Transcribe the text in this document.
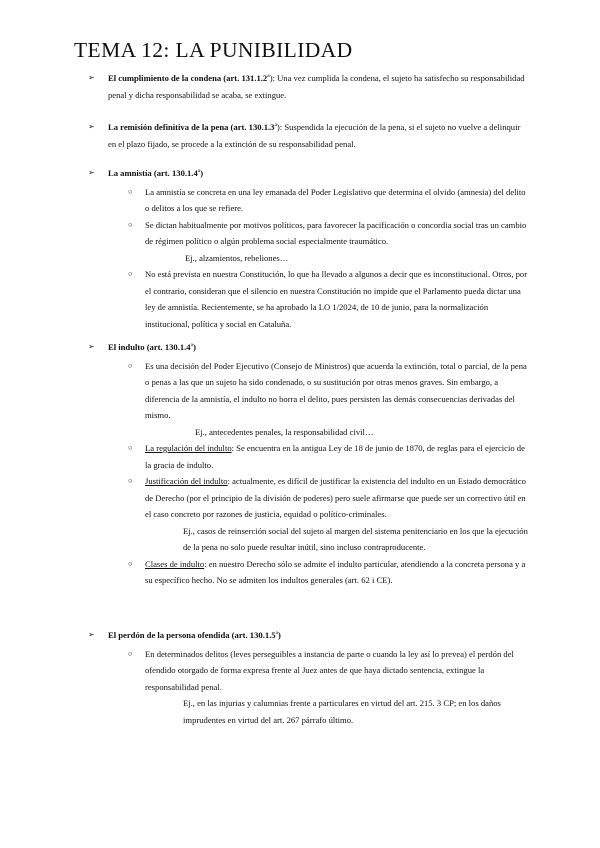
TEMA 12: LA PUNIBILIDAD
➢ El cumplimiento de la condena (art. 131.1.2$^a$): Una vez cumplida la condena, el sujeto ha satisfecho su responsabilidad penal y dicha responsabilidad se acaba, se extingue.
➢ La remisión definitiva de la pena (art. 130.1.3$^a$): Suspendida la ejecución de la pena, si el sujeto no vuelve a delinquir en el plazo fijado, se procede a la extinción de su responsabilidad penal.
➢ La amnistía (art. 130.1.4$^a$)
○ La amnistía se concreta en una ley emanada del Poder Legislativo que determina el olvido (amnesia) del delito o delitos a los que se refiere.
○ Se dictan habitualmente por motivos políticos, para favorecer la pacificación o concordia social tras un cambio de régimen político o algún problema social especialmente traumático.
Ej., alzamientos, rebeliones…
○ No está prevista en nuestra Constitución, lo que ha llevado a algunos a decir que es inconstitucional. Otros, por el contrario, consideran que el silencio en nuestra Constitución no impide que el Parlamento pueda dictar una ley de amnistía. Recientemente, se ha aprobado la LO 1/2024, de 10 de junio, para la normalización institucional, política y social en Cataluña.
➢ El indulto (art. 130.1.4$^a$)
○ Es una decisión del Poder Ejecutivo (Consejo de Ministros) que acuerda la extinción, total o parcial, de la pena o penas a las que un sujeto ha sido condenado, o su sustitución por otras menos graves. Sin embargo, a diferencia de la amnistía, el indulto no borra el delito, pues persisten las demás consecuencias derivadas del mismo.
Ej., antecedentes penales, la responsabilidad civil…
○ La regulación del indulto: Se encuentra en la antigua Ley de 18 de junio de 1870, de reglas para el ejercicio de la gracia de indulto.
○ Justificación del indulto: actualmente, es difícil de justificar la existencia del indulto en un Estado democrático de Derecho (por el principio de la división de poderes) pero suele afirmarse que puede ser un correctivo útil en el caso concreto por razones de justicia, equidad o político-criminales.
Ej., casos de reinserción social del sujeto al margen del sistema penitenciario en los que la ejecución de la pena no solo puede resultar inútil, sino incluso contraproducente.
○ Clases de indulto: en nuestro Derecho sólo se admite el indulto particular, atendiendo a la concreta persona y a su específico hecho. No se admiten los indultos generales (art. 62 i CE).
➢ El perdón de la persona ofendida (art. 130.1.5$^a$)
○ En determinados delitos (leves perseguibles a instancia de parte o cuando la ley así lo prevea) el perdón del ofendido otorgado de forma expresa frente al Juez antes de que haya dictado sentencia, extingue la responsabilidad penal.
Ej., en las injurias y calumnias frente a particulares en virtud del art. 215. 3 CP; en los daños imprudentes en virtud del art. 267 párrafo último.
